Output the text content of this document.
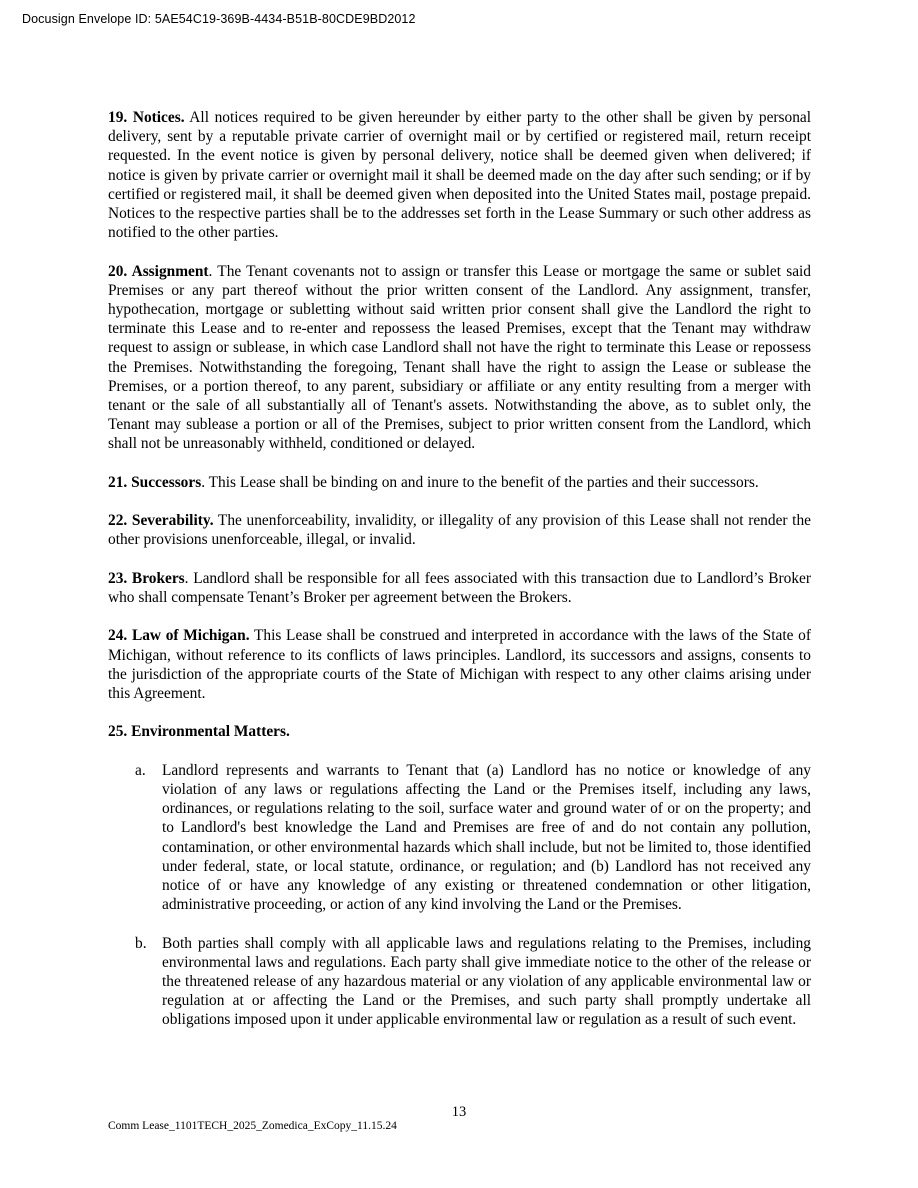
Docusign Envelope ID: 5AE54C19-369B-4434-B51B-80CDE9BD2012

19. Notices. All notices required to be given hereunder by either party to the other shall be given by personal delivery, sent by a reputable private carrier of overnight mail or by certified or registered mail, return receipt requested. In the event notice is given by personal delivery, notice shall be deemed given when delivered; if notice is given by private carrier or overnight mail it shall be deemed made on the day after such sending; or if by certified or registered mail, it shall be deemed given when deposited into the United States mail, postage prepaid. Notices to the respective parties shall be to the addresses set forth in the Lease Summary or such other address as notified to the other parties.

20. Assignment. The Tenant covenants not to assign or transfer this Lease or mortgage the same or sublet said Premises or any part thereof without the prior written consent of the Landlord. Any assignment, transfer, hypothecation, mortgage or subletting without said written prior consent shall give the Landlord the right to terminate this Lease and to re-enter and repossess the leased Premises, except that the Tenant may withdraw request to assign or sublease, in which case Landlord shall not have the right to terminate this Lease or repossess the Premises. Notwithstanding the foregoing, Tenant shall have the right to assign the Lease or sublease the Premises, or a portion thereof, to any parent, subsidiary or affiliate or any entity resulting from a merger with tenant or the sale of all substantially all of Tenant's assets. Notwithstanding the above, as to sublet only, the Tenant may sublease a portion or all of the Premises, subject to prior written consent from the Landlord, which shall not be unreasonably withheld, conditioned or delayed.

21. Successors. This Lease shall be binding on and inure to the benefit of the parties and their successors.

22. Severability. The unenforceability, invalidity, or illegality of any provision of this Lease shall not render the other provisions unenforceable, illegal, or invalid.

23. Brokers. Landlord shall be responsible for all fees associated with this transaction due to Landlord’s Broker who shall compensate Tenant’s Broker per agreement between the Brokers.

24. Law of Michigan. This Lease shall be construed and interpreted in accordance with the laws of the State of Michigan, without reference to its conflicts of laws principles. Landlord, its successors and assigns, consents to the jurisdiction of the appropriate courts of the State of Michigan with respect to any other claims arising under this Agreement.

25. Environmental Matters.

a.	Landlord represents and warrants to Tenant that (a) Landlord has no notice or knowledge of any violation of any laws or regulations affecting the Land or the Premises itself, including any laws, ordinances, or regulations relating to the soil, surface water and ground water of or on the property; and to Landlord's best knowledge the Land and Premises are free of and do not contain any pollution, contamination, or other environmental hazards which shall include, but not be limited to, those identified under federal, state, or local statute, ordinance, or regulation; and (b) Landlord has not received any notice of or have any knowledge of any existing or threatened condemnation or other litigation, administrative proceeding, or action of any kind involving the Land or the Premises.
b.	Both parties shall comply with all applicable laws and regulations relating to the Premises, including environmental laws and regulations. Each party shall give immediate notice to the other of the release or the threatened release of any hazardous material or any violation of any applicable environmental law or regulation at or affecting the Land or the Premises, and such party shall promptly undertake all obligations imposed upon it under applicable environmental law or regulation as a result of such event.
13
Comm Lease_1101TECH_2025_Zomedica_ExCopy_11.15.24
